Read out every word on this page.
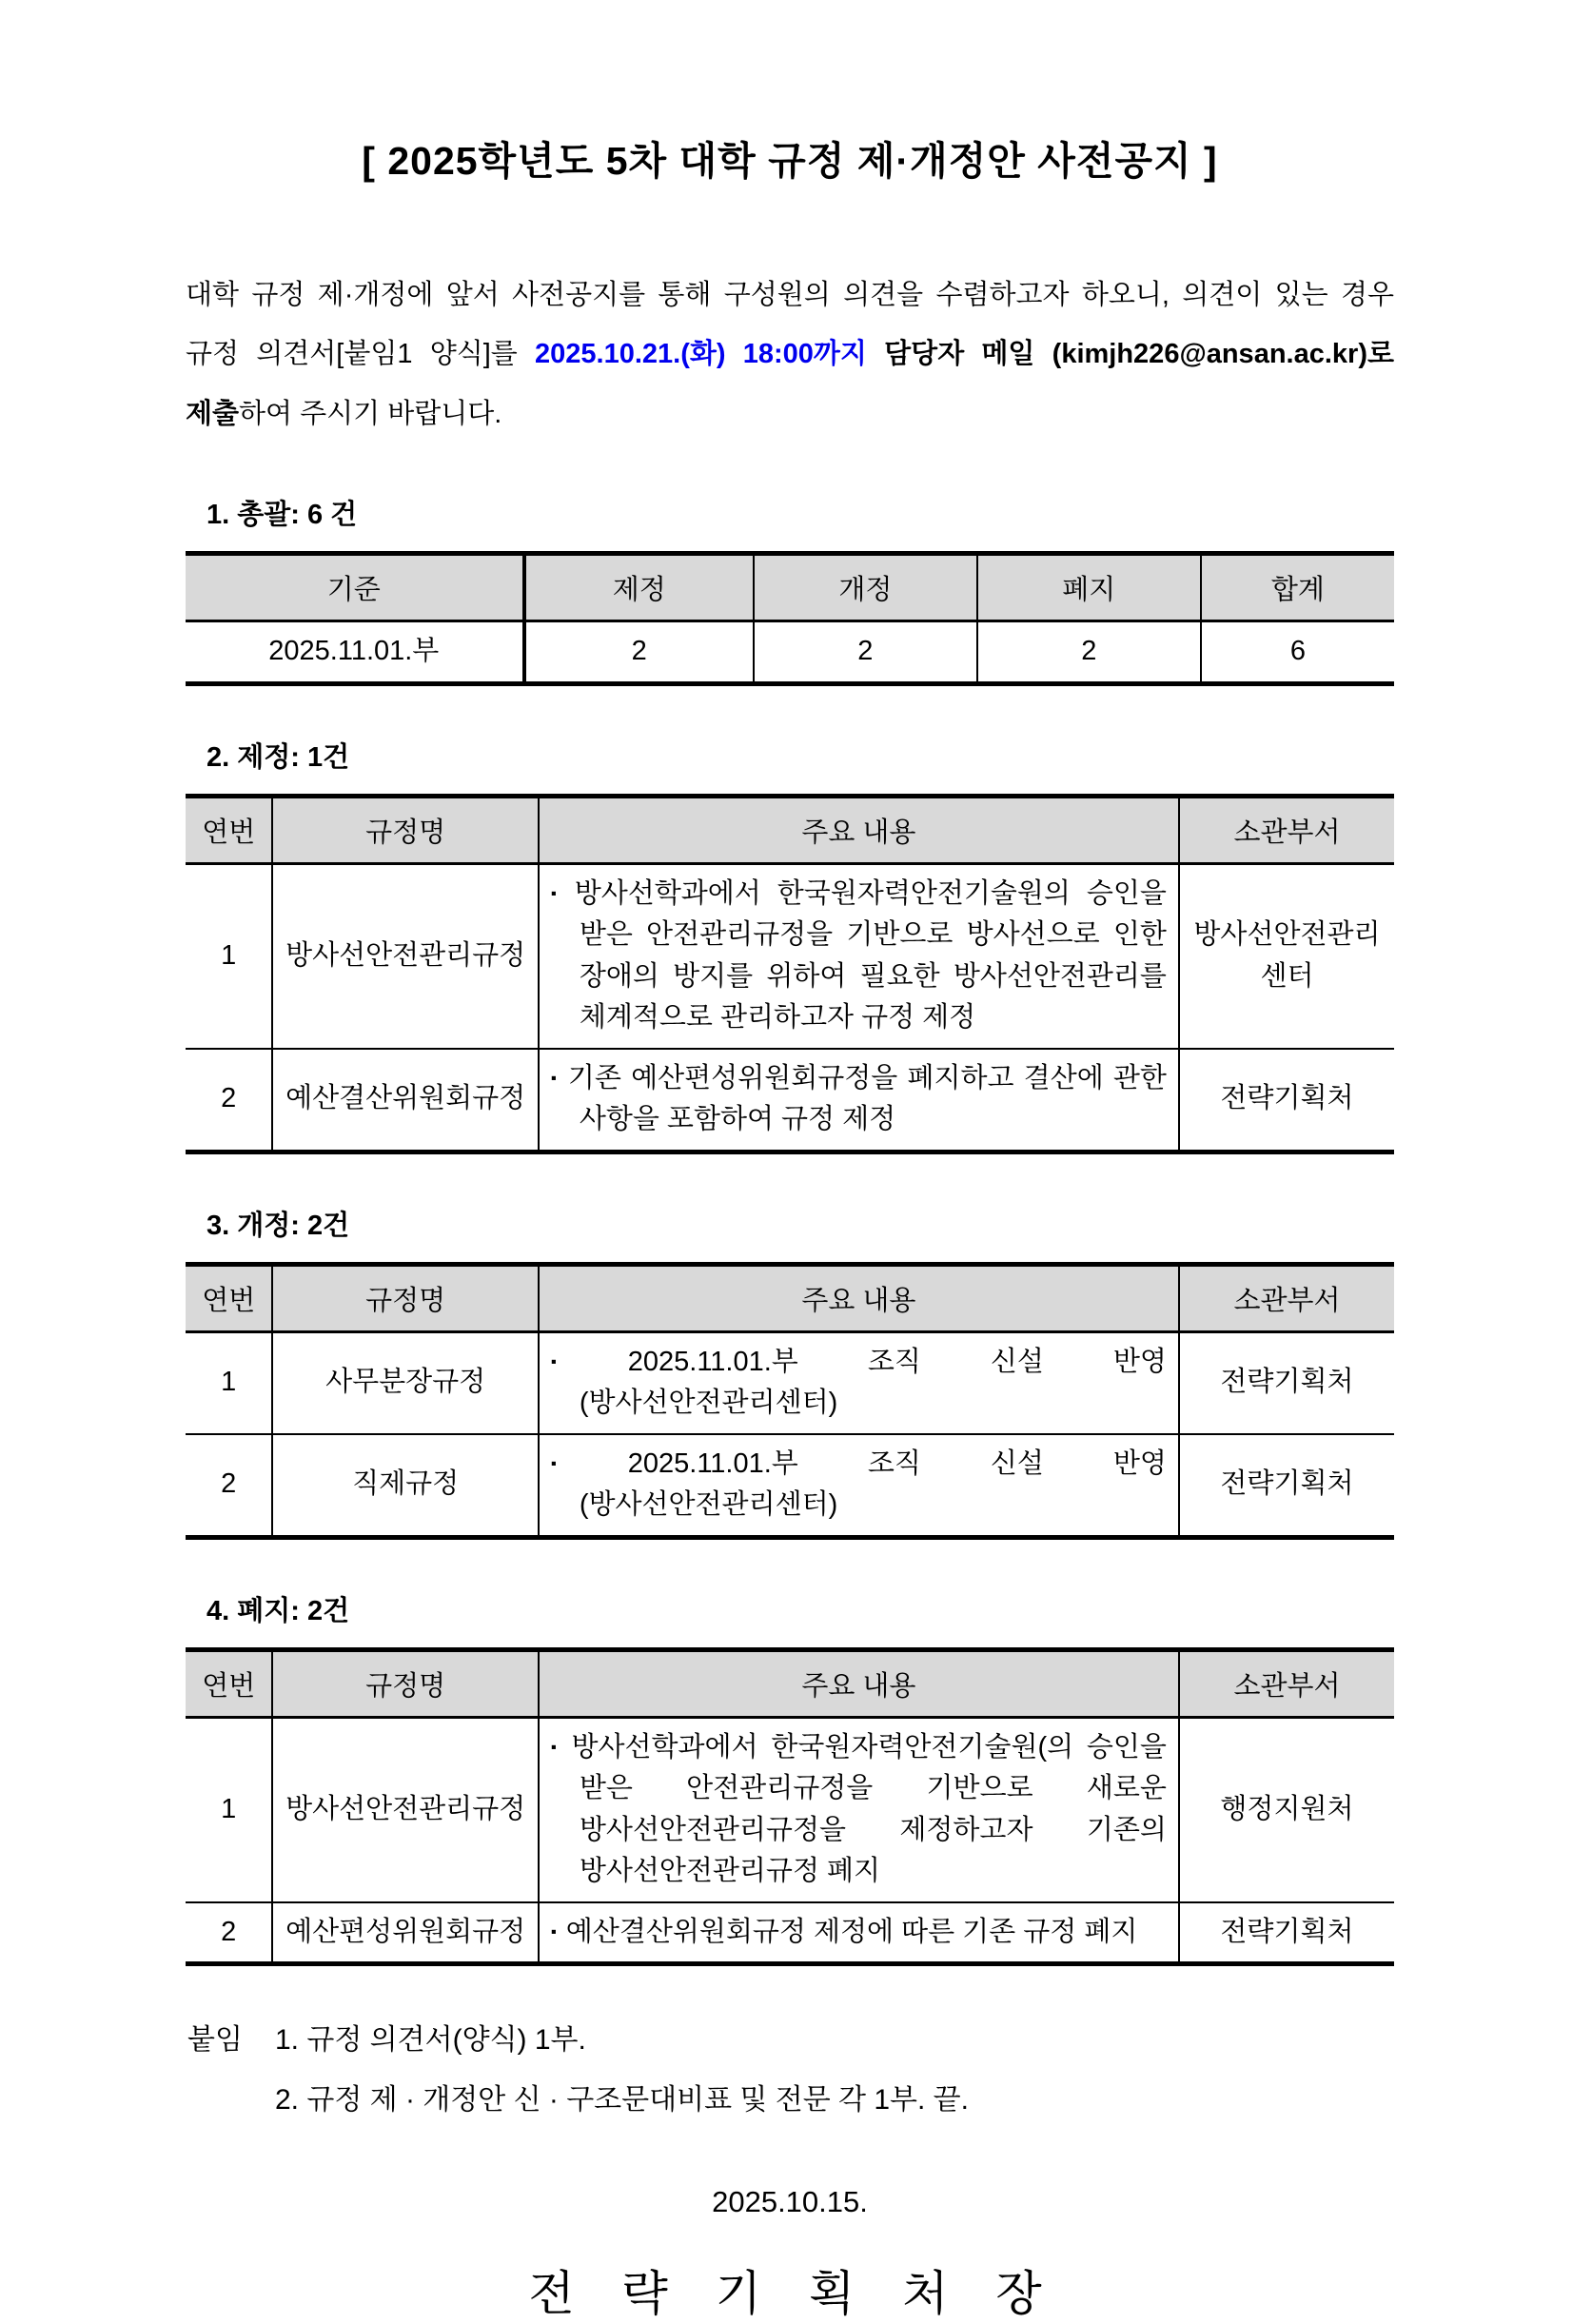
[ 2025학년도 5차 대학 규정 제·개정안 사전공지 ]

대학 규정 제·개정에 앞서 사전공지를 통해 구성원의 의견을 수렴하고자 하오니, 의견이 있는 경우 규정 의견서[붙임1 양식]를 2025.10.21.(화) 18:00까지 담당자 메일 (kimjh226@ansan.ac.kr)로 제출하여 주시기 바랍니다.

1. 총괄: 6 건
기준	제정	개정	폐지	합계
2025.11.01.부	2	2	2	6
2. 제정: 1건
연번	규정명	주요 내용	소관부서
1	방사선안전관리규정	▪ 방사선학과에서 한국원자력안전기술원의 승인을 받은 안전관리규정을 기반으로 방사선으로 인한 장애의 방지를 위하여 필요한 방사선안전관리를 체계적으로 관리하고자 규정 제정	방사선안전관리센터
2	예산결산위원회규정	▪ 기존 예산편성위원회규정을 폐지하고 결산에 관한 사항을 포함하여 규정 제정	전략기획처
3. 개정: 2건
연번	규정명	주요 내용	소관부서
1	사무분장규정	▪ 2025.11.01.부 조직 신설 반영(방사선안전관리센터)	전략기획처
2	직제규정	▪ 2025.11.01.부 조직 신설 반영(방사선안전관리센터)	전략기획처
4. 폐지: 2건
연번	규정명	주요 내용	소관부서
1	방사선안전관리규정	▪ 방사선학과에서 한국원자력안전기술원(의 승인을 받은 안전관리규정을 기반으로 새로운 방사선안전관리규정을 제정하고자 기존의 방사선안전관리규정 폐지	행정지원처
2	예산편성위원회규정	▪ 예산결산위원회규정 제정에 따른 기존 규정 폐지	전략기획처
붙임	1. 규정 의견서(양식) 1부.

2. 규정 제 · 개정안 신 · 구조문대비표 및 전문 각 1부. 끝.

2025.10.15.
전 략 기 획 처 장
